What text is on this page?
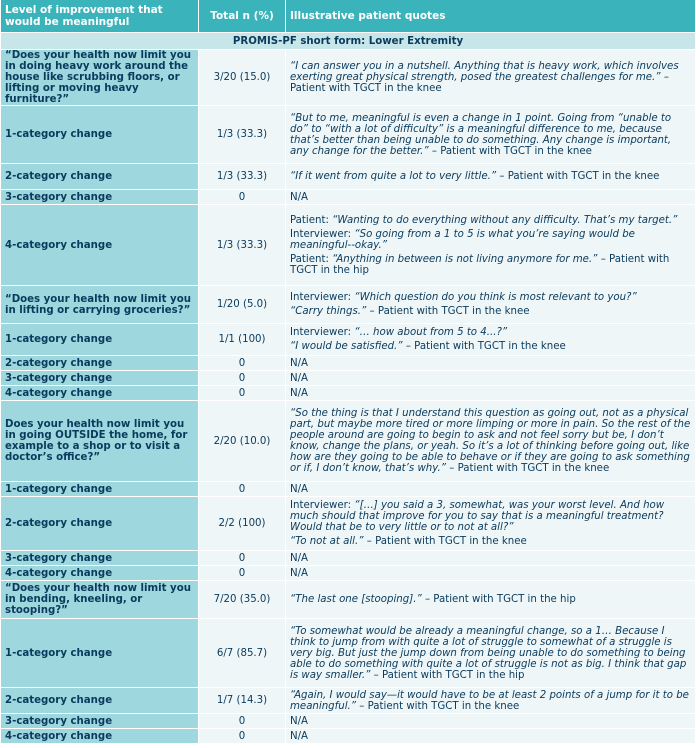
Level of improvement that would be meaningful	Total n (%)	Illustrative patient quotes
PROMIS-PF short form: Lower Extremity		
“Does your health now limit you in doing heavy work around the house like scrubbing floors, or lifting or moving heavy furniture?”	3/20 (15.0)	“I can answer you in a nutshell. Anything that is heavy work, which involves exerting great physical strength, posed the greatest challenges for me.” – Patient with TGCT in the knee

1-category change	1/3 (33.3)	“But to me, meaningful is even a change in 1 point. Going from “unable to do” to “with a lot of difficulty” is a meaningful difference to me, because that’s better than being unable to do something. Any change is important, any change for the better.” – Patient with TGCT in the knee

2-category change	1/3 (33.3)	“If it went from quite a lot to very little.” – Patient with TGCT in the knee

3-category change	0	N/A

4-category change	1/3 (33.3)	Patient: “Wanting to do everything without any difficulty. That’s my target.”
Interviewer: “So going from a 1 to 5 is what you’re saying would be meaningful--okay.”
Patient: “Anything in between is not living anymore for me.” – Patient with TGCT in the hip

“Does your health now limit you in lifting or carrying groceries?”	1/20 (5.0)	Interviewer: “Which question do you think is most relevant to you?”
“Carry things.” – Patient with TGCT in the knee

1-category change	1/1 (100)	Interviewer: “… how about from 5 to 4...?”
“I would be satisfied.” – Patient with TGCT in the knee

2-category change	0	N/A

3-category change	0	N/A

4-category change	0	N/A

Does your health now limit you in going OUTSIDE the home, for example to a shop or to visit a doctor’s office?”	2/20 (10.0)	“So the thing is that I understand this question as going out, not as a physical part, but maybe more tired or more limping or more in pain. So the rest of the people around are going to begin to ask and not feel sorry but be, I don’t know, change the plans, or yeah. So it’s a lot of thinking before going out, like how are they going to be able to behave or if they are going to ask something or if, I don’t know, that’s why.” – Patient with TGCT in the knee

1-category change	0	N/A

2-category change	2/2 (100)	Interviewer: “[…] you said a 3, somewhat, was your worst level. And how much should that improve for you to say that is a meaningful treatment? Would that be to very little or to not at all?”
“To not at all.” – Patient with TGCT in the knee

3-category change	0	N/A

4-category change	0	N/A

“Does your health now limit you in bending, kneeling, or stooping?”	7/20 (35.0)	“The last one [stooping].” – Patient with TGCT in the hip

1-category change	6/7 (85.7)	“To somewhat would be already a meaningful change, so a 1… Because I think to jump from with quite a lot of struggle to somewhat of a struggle is very big. But just the jump down from being unable to do something to being able to do something with quite a lot of struggle is not as big. I think that gap is way smaller.” – Patient with TGCT in the hip

2-category change	1/7 (14.3)	“Again, I would say—it would have to be at least 2 points of a jump for it to be meaningful.” – Patient with TGCT in the knee

3-category change	0	N/A

4-category change	0	N/A
